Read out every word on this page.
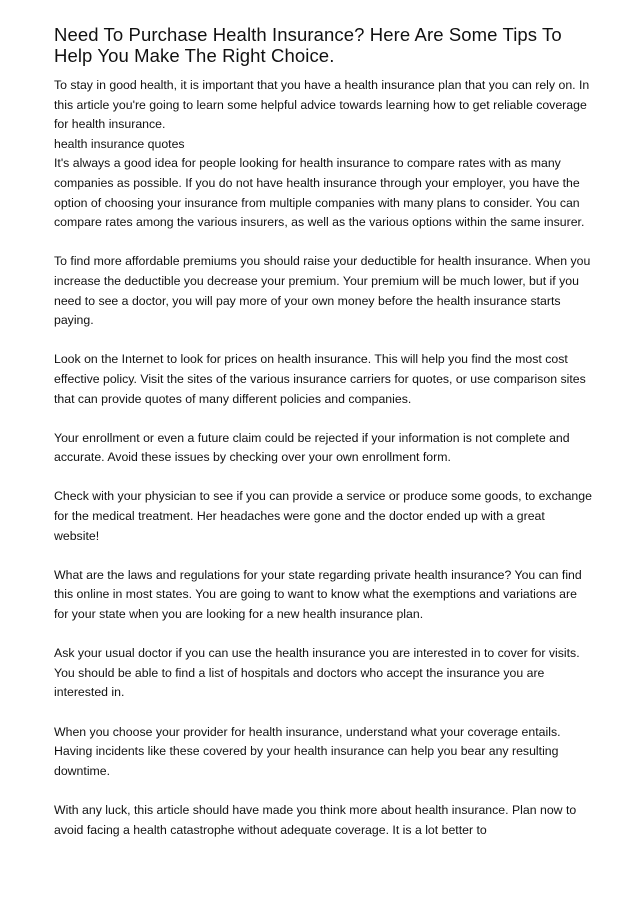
Need To Purchase Health Insurance? Here Are Some Tips To Help You Make The Right Choice.
To stay in good health, it is important that you have a health insurance plan that you can rely on. In this article you're going to learn some helpful advice towards learning how to get reliable coverage for health insurance.
health insurance quotes
It's always a good idea for people looking for health insurance to compare rates with as many companies as possible. If you do not have health insurance through your employer, you have the option of choosing your insurance from multiple companies with many plans to consider. You can compare rates among the various insurers, as well as the various options within the same insurer.
To find more affordable premiums you should raise your deductible for health insurance. When you increase the deductible you decrease your premium. Your premium will be much lower, but if you need to see a doctor, you will pay more of your own money before the health insurance starts paying.
Look on the Internet to look for prices on health insurance. This will help you find the most cost effective policy. Visit the sites of the various insurance carriers for quotes, or use comparison sites that can provide quotes of many different policies and companies.
Your enrollment or even a future claim could be rejected if your information is not complete and accurate. Avoid these issues by checking over your own enrollment form.
Check with your physician to see if you can provide a service or produce some goods, to exchange for the medical treatment. Her headaches were gone and the doctor ended up with a great website!
What are the laws and regulations for your state regarding private health insurance? You can find this online in most states. You are going to want to know what the exemptions and variations are for your state when you are looking for a new health insurance plan.
Ask your usual doctor if you can use the health insurance you are interested in to cover for visits. You should be able to find a list of hospitals and doctors who accept the insurance you are interested in.
When you choose your provider for health insurance, understand what your coverage entails. Having incidents like these covered by your health insurance can help you bear any resulting downtime.
With any luck, this article should have made you think more about health insurance. Plan now to avoid facing a health catastrophe without adequate coverage. It is a lot better to
